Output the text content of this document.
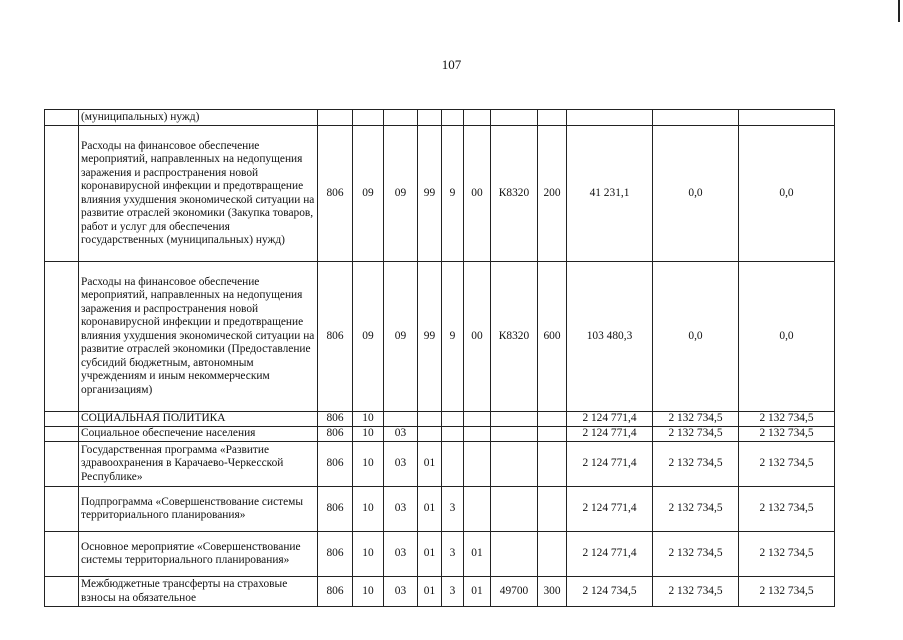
107
	(муниципальных) нужд)											
	Расходы на финансовое обеспечение мероприятий, направленных на недопущения заражения и распространения новой коронавирусной инфекции и предотвращение влияния ухудшения экономической ситуации на развитие отраслей экономики (Закупка товаров, работ и услуг для обеспечения государственных (муниципальных) нужд)	806	09	09	99	9	00	К8320	200	41 231,1	0,0	0,0
	Расходы на финансовое обеспечение мероприятий, направленных на недопущения заражения и распространения новой коронавирусной инфекции и предотвращение влияния ухудшения экономической ситуации на развитие отраслей экономики (Предоставление субсидий бюджетным, автономным учреждениям и иным некоммерческим организациям)	806	09	09	99	9	00	К8320	600	103 480,3	0,0	0,0
	СОЦИАЛЬНАЯ ПОЛИТИКА	806	10							2 124 771,4	2 132 734,5	2 132 734,5
	Социальное обеспечение населения	806	10	03						2 124 771,4	2 132 734,5	2 132 734,5
	Государственная программа «Развитие здравоохранения в Карачаево-Черкесской Республике»	806	10	03	01					2 124 771,4	2 132 734,5	2 132 734,5
	Подпрограмма «Совершенствование системы территориального планирования»	806	10	03	01	3				2 124 771,4	2 132 734,5	2 132 734,5
	Основное мероприятие «Совершенствование системы территориального планирования»	806	10	03	01	3	01			2 124 771,4	2 132 734,5	2 132 734,5
	Межбюджетные трансферты на страховые взносы на обязательное	806	10	03	01	3	01	49700	300	2 124 734,5	2 132 734,5	2 132 734,5
